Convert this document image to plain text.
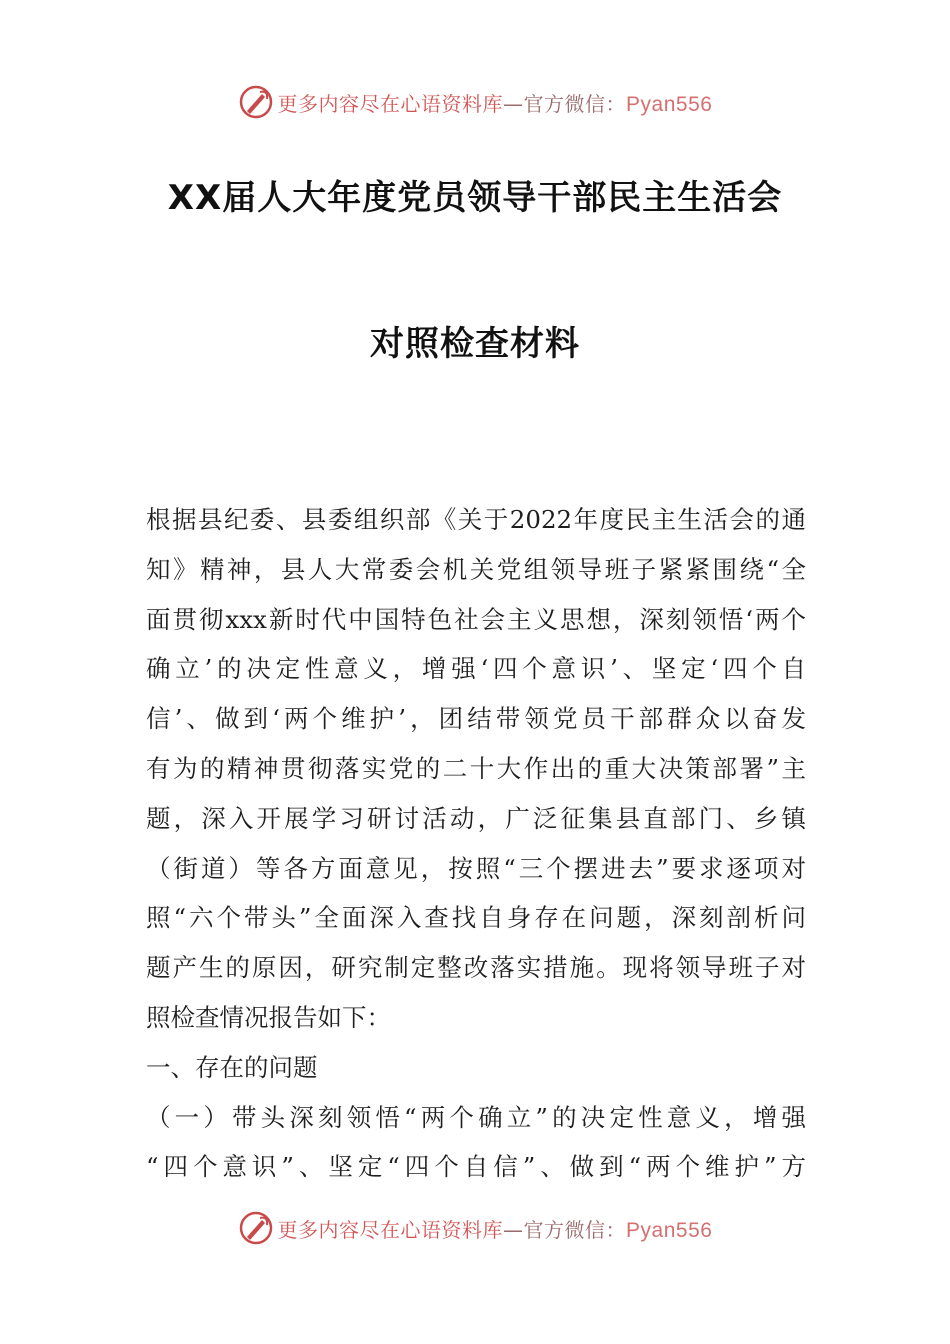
更多内容尽在心语资料库—官方微信：Pyan556
XX届人大年度党员领导干部民主生活会
对照检查材料
根据县纪委、县委组织部《关于2022年度民主生活会的通
知》精神，县人大常委会机关党组领导班子紧紧围绕“全
面贯彻xxx新时代中国特色社会主义思想，深刻领悟‘两个
确立’的决定性意义，增强‘四个意识’、坚定‘四个自
信’、做到‘两个维护’，团结带领党员干部群众以奋发
有为的精神贯彻落实党的二十大作出的重大决策部署”主
题，深入开展学习研讨活动，广泛征集县直部门、乡镇
（街道）等各方面意见，按照“三个摆进去”要求逐项对
照“六个带头”全面深入查找自身存在问题，深刻剖析问
题产生的原因，研究制定整改落实措施。现将领导班子对
照检查情况报告如下：
一、存在的问题
（一）带头深刻领悟“两个确立”的决定性意义，增强
“四个意识”、坚定“四个自信”、做到“两个维护”方
更多内容尽在心语资料库—官方微信：Pyan556
